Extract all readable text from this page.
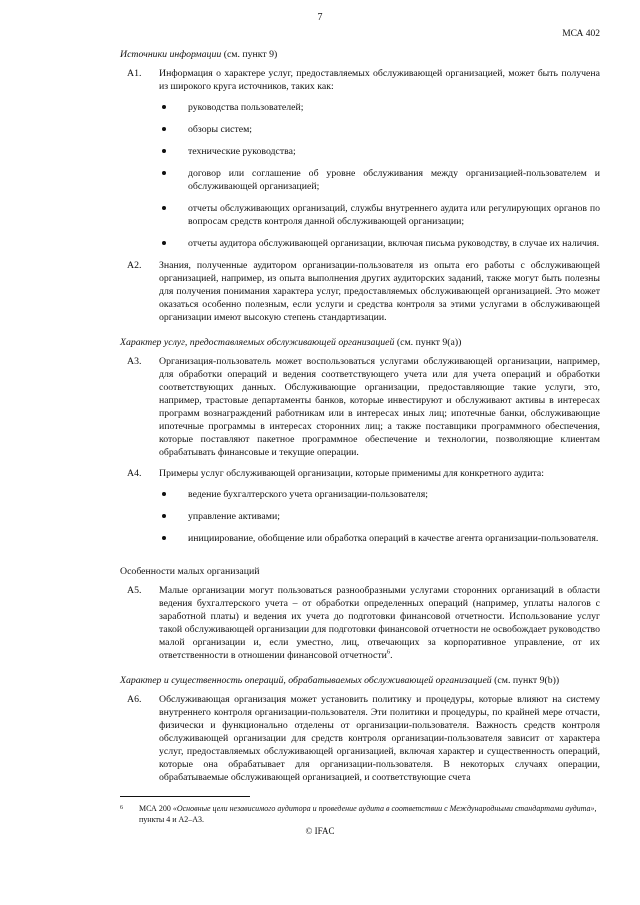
7
МСА 402
Источники информации (см. пункт 9)
A1. Информация о характере услуг, предоставляемых обслуживающей организацией, может быть получена из широкого круга источников, таких как:
руководства пользователей;
обзоры систем;
технические руководства;
договор или соглашение об уровне обслуживания между организацией-пользователем и обслуживающей организацией;
отчеты обслуживающих организаций, службы внутреннего аудита или регулирующих органов по вопросам средств контроля данной обслуживающей организации;
отчеты аудитора обслуживающей организации, включая письма руководству, в случае их наличия.
A2. Знания, полученные аудитором организации-пользователя из опыта его работы с обслуживающей организацией, например, из опыта выполнения других аудиторских заданий, также могут быть полезны для получения понимания характера услуг, предоставляемых обслуживающей организацией. Это может оказаться особенно полезным, если услуги и средства контроля за этими услугами в обслуживающей организации имеют высокую степень стандартизации.
Характер услуг, предоставляемых обслуживающей организацией (см. пункт 9(a))
A3. Организация-пользователь может воспользоваться услугами обслуживающей организации, например, для обработки операций и ведения соответствующего учета или для учета операций и обработки соответствующих данных. Обслуживающие организации, предоставляющие такие услуги, это, например, трастовые департаменты банков, которые инвестируют и обслуживают активы в интересах программ вознаграждений работникам или в интересах иных лиц; ипотечные банки, обслуживающие ипотечные программы в интересах сторонних лиц; а также поставщики программного обеспечения, которые поставляют пакетное программное обеспечение и технологии, позволяющие клиентам обрабатывать финансовые и текущие операции.
A4. Примеры услуг обслуживающей организации, которые применимы для конкретного аудита:
ведение бухгалтерского учета организации-пользователя;
управление активами;
инициирование, обобщение или обработка операций в качестве агента организации-пользователя.
Особенности малых организаций
A5. Малые организации могут пользоваться разнообразными услугами сторонних организаций в области ведения бухгалтерского учета – от обработки определенных операций (например, уплаты налогов с заработной платы) и ведения их учета до подготовки финансовой отчетности. Использование услуг такой обслуживающей организации для подготовки финансовой отчетности не освобождает руководство малой организации и, если уместно, лиц, отвечающих за корпоративное управление, от их ответственности в отношении финансовой отчетности$^6$.
Характер и существенность операций, обрабатываемых обслуживающей организацией (см. пункт 9(b))
A6. Обслуживающая организация может установить политику и процедуры, которые влияют на систему внутреннего контроля организации-пользователя. Эти политики и процедуры, по крайней мере отчасти, физически и функционально отделены от организации-пользователя. Важность средств контроля обслуживающей организации для средств контроля организации-пользователя зависит от характера услуг, предоставляемых обслуживающей организацией, включая характер и существенность операций, которые она обрабатывает для организации-пользователя. В некоторых случаях операции, обрабатываемые обслуживающей организацией, и соответствующие счета
6 МСА 200 «Основные цели независимого аудитора и проведение аудита в соответствии с Международными стандартами аудита», пункты 4 и A2–A3.
© IFAC
